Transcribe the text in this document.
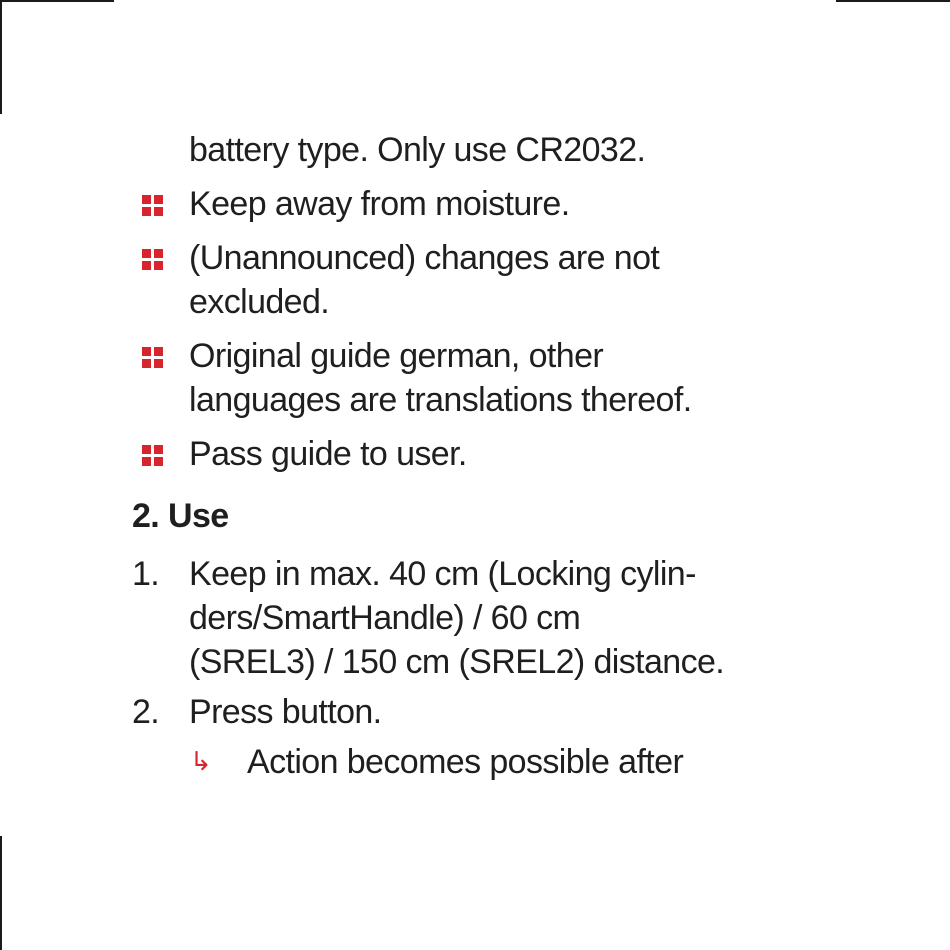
battery type. Only use CR2032.
Keep away from moisture.
(Unannounced) changes are not
excluded.
Original guide german, other
languages are translations thereof.
Pass guide to user.
2. Use
1. Keep in max. 40 cm (Locking cylin-
ders/SmartHandle) / 60 cm
(SREL3) / 150 cm (SREL2) distance.
2. Press button.
↳ Action becomes possible after
